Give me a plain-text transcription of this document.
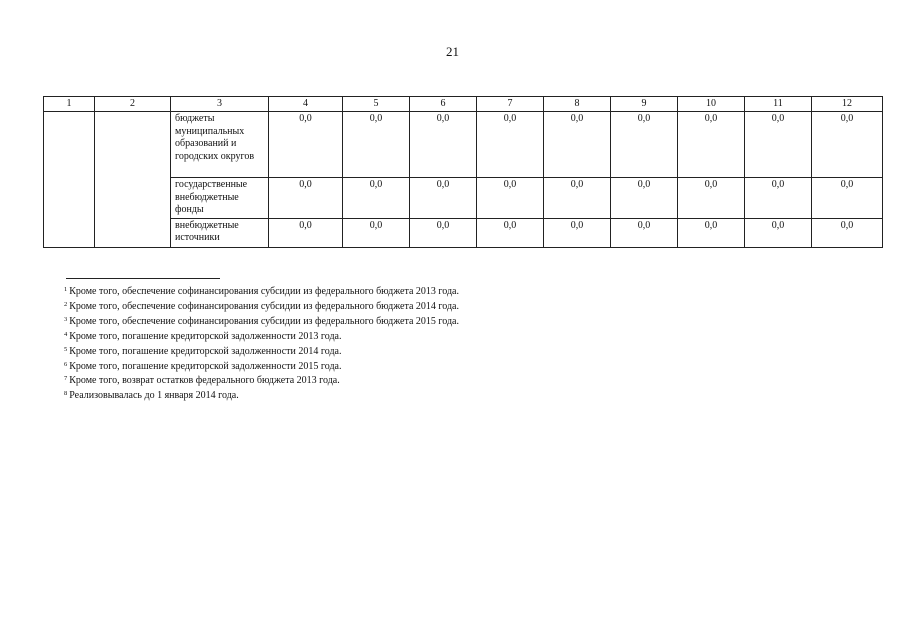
21
1	2	3	4	5	6	7	8	9	10	11	12
		бюджеты муниципальных образований и городских округов	0,0	0,0	0,0	0,0	0,0	0,0	0,0	0,0	0,0
		государственные внебюджетные фонды	0,0	0,0	0,0	0,0	0,0	0,0	0,0	0,0	0,0
		внебюджетные источники	0,0	0,0	0,0	0,0	0,0	0,0	0,0	0,0	0,0
$^1$ Кроме того, обеспечение софинансирования субсидии из федерального бюджета 2013 года.
$^2$ Кроме того, обеспечение софинансирования субсидии из федерального бюджета 2014 года.
$^3$ Кроме того, обеспечение софинансирования субсидии из федерального бюджета 2015 года.
$^4$ Кроме того, погашение кредиторской задолженности 2013 года.
$^5$ Кроме того, погашение кредиторской задолженности 2014 года.
$^6$ Кроме того, погашение кредиторской задолженности 2015 года.
$^7$ Кроме того, возврат остатков федерального бюджета 2013 года.
$^8$ Реализовывалась до 1 января 2014 года.
